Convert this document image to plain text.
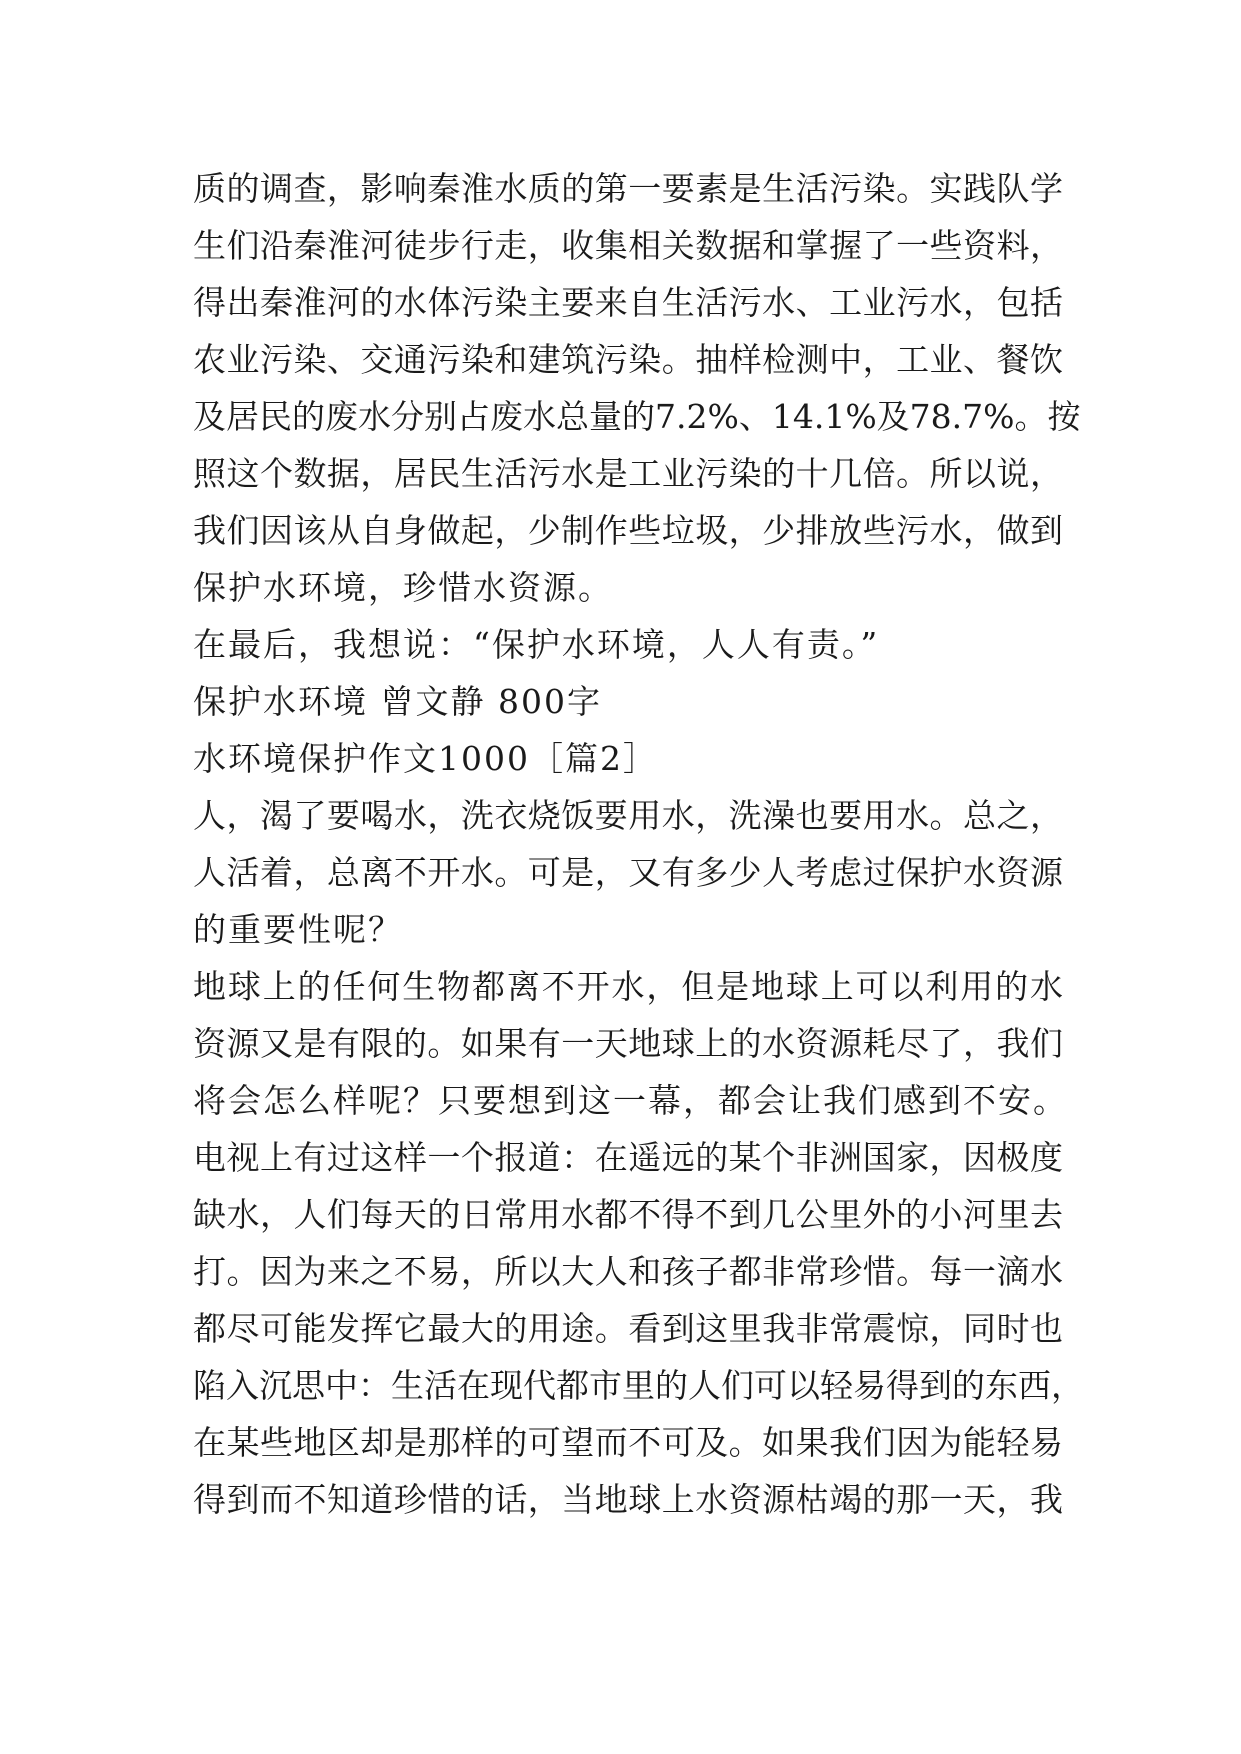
质的调查，影响秦淮水质的第一要素是生活污染。实践队学
生们沿秦淮河徒步行走，收集相关数据和掌握了一些资料，
得出秦淮河的水体污染主要来自生活污水、工业污水，包括
农业污染、交通污染和建筑污染。抽样检测中，工业、餐饮
及居民的废水分别占废水总量的7.2%、14.1%及78.7%。按
照这个数据，居民生活污水是工业污染的十几倍。所以说，
我们因该从自身做起，少制作些垃圾，少排放些污水，做到
保护水环境，珍惜水资源。
在最后，我想说：“保护水环境，人人有责。”
保护水环境 曾文静 800字
水环境保护作文1000［篇2］
人，渴了要喝水，洗衣烧饭要用水，洗澡也要用水。总之，
人活着，总离不开水。可是，又有多少人考虑过保护水资源
的重要性呢？
地球上的任何生物都离不开水，但是地球上可以利用的水
资源又是有限的。如果有一天地球上的水资源耗尽了，我们
将会怎么样呢？只要想到这一幕，都会让我们感到不安。
电视上有过这样一个报道：在遥远的某个非洲国家，因极度
缺水，人们每天的日常用水都不得不到几公里外的小河里去
打。因为来之不易，所以大人和孩子都非常珍惜。每一滴水
都尽可能发挥它最大的用途。看到这里我非常震惊，同时也
陷入沉思中：生活在现代都市里的人们可以轻易得到的东西，
在某些地区却是那样的可望而不可及。如果我们因为能轻易
得到而不知道珍惜的话，当地球上水资源枯竭的那一天，我
